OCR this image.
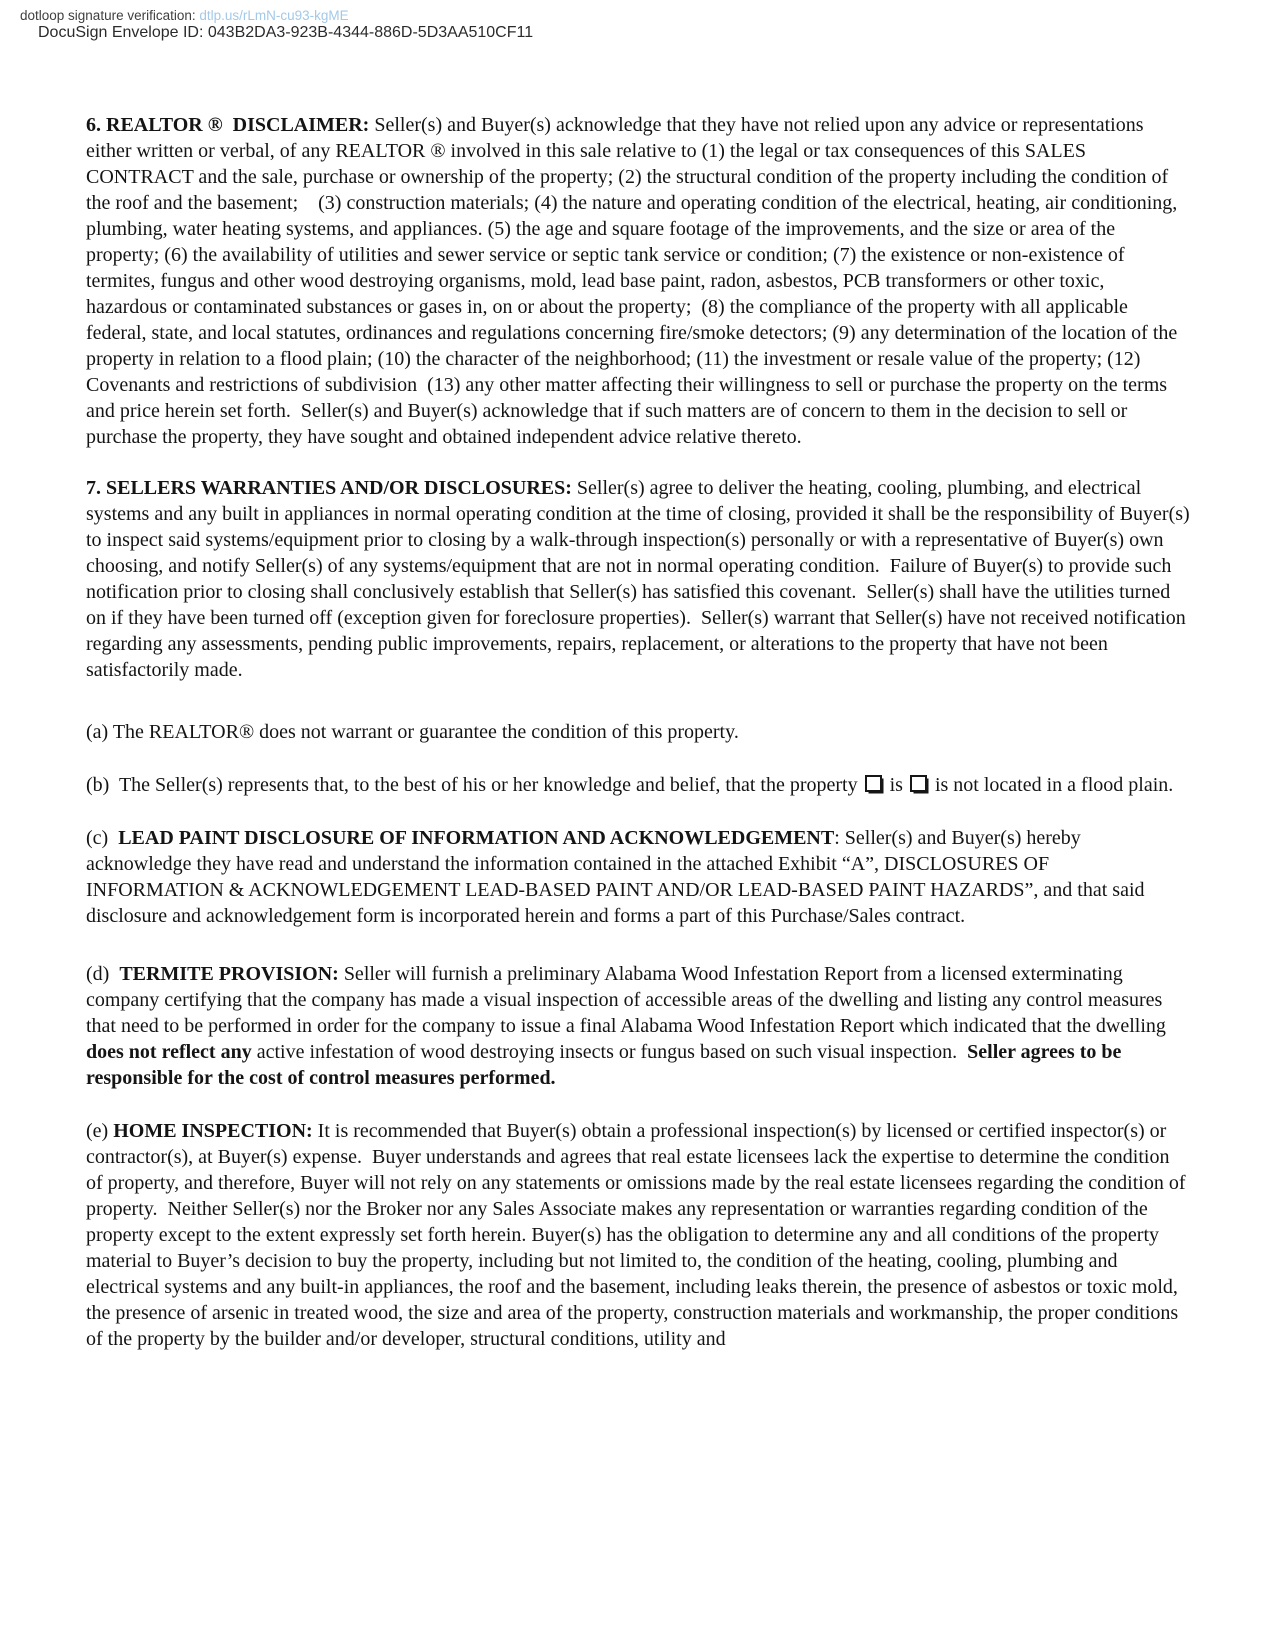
dotloop signature verification: dtlp.us/rLmN-cu93-kgME
DocuSign Envelope ID: 043B2DA3-923B-4344-886D-5D3AA510CF11

6. REALTOR ®  DISCLAIMER: Seller(s) and Buyer(s) acknowledge that they have not relied upon any advice or representations either written or verbal, of any REALTOR ® involved in this sale relative to (1) the legal or tax consequences of this SALES CONTRACT and the sale, purchase or ownership of the property; (2) the structural condition of the property including the condition of the roof and the basement;    (3) construction materials; (4) the nature and operating condition of the electrical, heating, air conditioning, plumbing, water heating systems, and appliances. (5) the age and square footage of the improvements, and the size or area of the property; (6) the availability of utilities and sewer service or septic tank service or condition; (7) the existence or non-existence of termites, fungus and other wood destroying organisms, mold, lead base paint, radon, asbestos, PCB transformers or other toxic, hazardous or contaminated substances or gases in, on or about the property;  (8) the compliance of the property with all applicable federal, state, and local statutes, ordinances and regulations concerning fire/smoke detectors; (9) any determination of the location of the property in relation to a flood plain; (10) the character of the neighborhood; (11) the investment or resale value of the property; (12) Covenants and restrictions of subdivision  (13) any other matter affecting their willingness to sell or purchase the property on the terms and price herein set forth.  Seller(s) and Buyer(s) acknowledge that if such matters are of concern to them in the decision to sell or purchase the property, they have sought and obtained independent advice relative thereto.

7. SELLERS WARRANTIES AND/OR DISCLOSURES: Seller(s) agree to deliver the heating, cooling, plumbing, and electrical systems and any built in appliances in normal operating condition at the time of closing, provided it shall be the responsibility of Buyer(s) to inspect said systems/equipment prior to closing by a walk-through inspection(s) personally or with a representative of Buyer(s) own choosing, and notify Seller(s) of any systems/equipment that are not in normal operating condition.  Failure of Buyer(s) to provide such notification prior to closing shall conclusively establish that Seller(s) has satisfied this covenant.  Seller(s) shall have the utilities turned on if they have been turned off (exception given for foreclosure properties).  Seller(s) warrant that Seller(s) have not received notification regarding any assessments, pending public improvements, repairs, replacement, or alterations to the property that have not been satisfactorily made.

(a) The REALTOR® does not warrant or guarantee the condition of this property.

(b)  The Seller(s) represents that, to the best of his or her knowledge and belief, that the property  is  is not located in a flood plain.

(c)  LEAD PAINT DISCLOSURE OF INFORMATION AND ACKNOWLEDGEMENT: Seller(s) and Buyer(s) hereby acknowledge they have read and understand the information contained in the attached Exhibit “A”, DISCLOSURES OF INFORMATION & ACKNOWLEDGEMENT LEAD-BASED PAINT AND/OR LEAD-BASED PAINT HAZARDS”, and that said disclosure and acknowledgement form is incorporated herein and forms a part of this Purchase/Sales contract.

(d)  TERMITE PROVISION: Seller will furnish a preliminary Alabama Wood Infestation Report from a licensed exterminating company certifying that the company has made a visual inspection of accessible areas of the dwelling and listing any control measures that need to be performed in order for the company to issue a final Alabama Wood Infestation Report which indicated that the dwelling does not reflect any active infestation of wood destroying insects or fungus based on such visual inspection.  Seller agrees to be responsible for the cost of control measures performed.

(e) HOME INSPECTION: It is recommended that Buyer(s) obtain a professional inspection(s) by licensed or certified inspector(s) or contractor(s), at Buyer(s) expense.  Buyer understands and agrees that real estate licensees lack the expertise to determine the condition of property, and therefore, Buyer will not rely on any statements or omissions made by the real estate licensees regarding the condition of property.  Neither Seller(s) nor the Broker nor any Sales Associate makes any representation or warranties regarding condition of the property except to the extent expressly set forth herein. Buyer(s) has the obligation to determine any and all conditions of the property material to Buyer’s decision to buy the property, including but not limited to, the condition of the heating, cooling, plumbing and electrical systems and any built-in appliances, the roof and the basement, including leaks therein, the presence of asbestos or toxic mold, the presence of arsenic in treated wood, the size and area of the property, construction materials and workmanship, the proper conditions of the property by the builder and/or developer, structural conditions, utility and
